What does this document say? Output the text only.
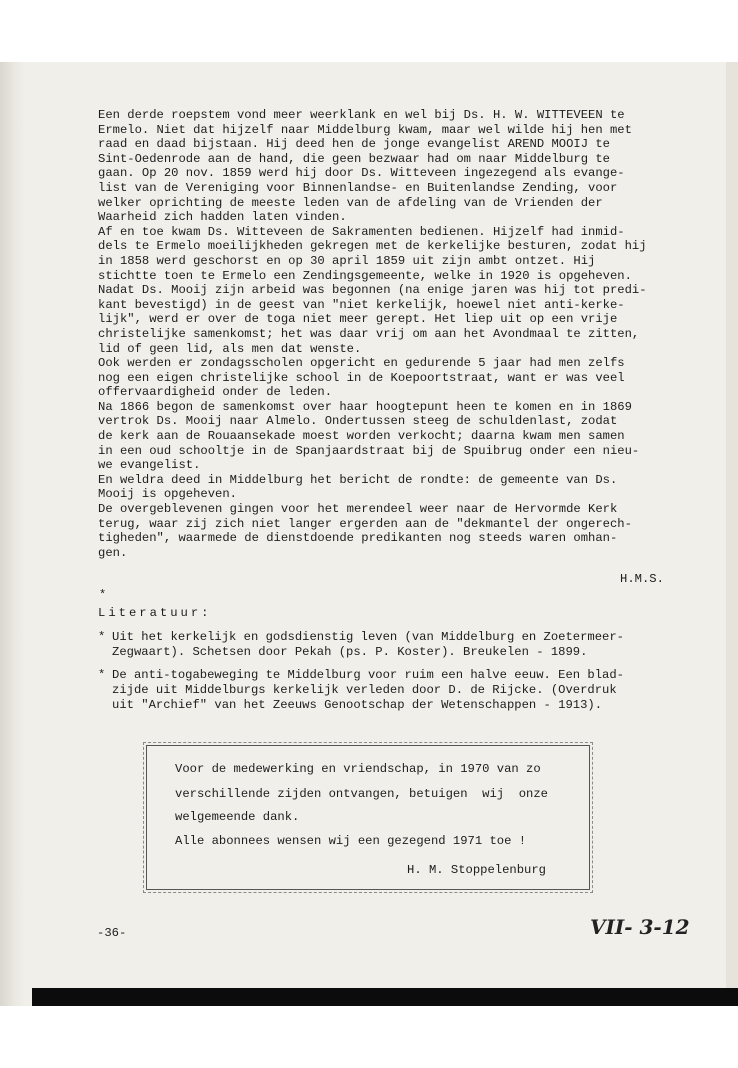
Een derde roepstem vond meer weerklank en wel bij Ds. H. W. WITTEVEEN te

Ermelo. Niet dat hijzelf naar Middelburg kwam, maar wel wilde hij hen met

raad en daad bijstaan. Hij deed hen de jonge evangelist AREND MOOIJ te

Sint-Oedenrode aan de hand, die geen bezwaar had om naar Middelburg te

gaan. Op 20 nov. 1859 werd hij door Ds. Witteveen ingezegend als evange-

list van de Vereniging voor Binnenlandse- en Buitenlandse Zending, voor

welker oprichting de meeste leden van de afdeling van de Vrienden der

Waarheid zich hadden laten vinden.

Af en toe kwam Ds. Witteveen de Sakramenten bedienen. Hijzelf had inmid-

dels te Ermelo moeilijkheden gekregen met de kerkelijke besturen, zodat hij

in 1858 werd geschorst en op 30 april 1859 uit zijn ambt ontzet. Hij

stichtte toen te Ermelo een Zendingsgemeente, welke in 1920 is opgeheven.

Nadat Ds. Mooij zijn arbeid was begonnen (na enige jaren was hij tot predi-

kant bevestigd) in de geest van "niet kerkelijk, hoewel niet anti-kerke-

lijk", werd er over de toga niet meer gerept. Het liep uit op een vrije

christelijke samenkomst; het was daar vrij om aan het Avondmaal te zitten,

lid of geen lid, als men dat wenste.

Ook werden er zondagsscholen opgericht en gedurende 5 jaar had men zelfs

nog een eigen christelijke school in de Koepoortstraat, want er was veel

offervaardigheid onder de leden.

Na 1866 begon de samenkomst over haar hoogtepunt heen te komen en in 1869

vertrok Ds. Mooij naar Almelo. Ondertussen steeg de schuldenlast, zodat

de kerk aan de Rouaansekade moest worden verkocht; daarna kwam men samen

in een oud schooltje in de Spanjaardstraat bij de Spuibrug onder een nieu-

we evangelist.

En weldra deed in Middelburg het bericht de rondte: de gemeente van Ds.

Mooij is opgeheven.

De overgeblevenen gingen voor het merendeel weer naar de Hervormde Kerk

terug, waar zij zich niet langer ergerden aan de "dekmantel der ongerech-

tigheden", waarmede de dienstdoende predikanten nog steeds waren omhan-

gen.

H.M.S.
*
Literatuur:
* Uit het kerkelijk en godsdienstig leven (van Middelburg en Zoetermeer-
Zegwaart). Schetsen door Pekah (ps. P. Koster). Breukelen - 1899.
* De anti-togabeweging te Middelburg voor ruim een halve eeuw. Een blad-
zijde uit Middelburgs kerkelijk verleden door D. de Rijcke. (Overdruk
uit "Archief" van het Zeeuws Genootschap der Wetenschappen - 1913).
Voor de medewerking en vriendschap, in 1970 van zo
verschillende zijden ontvangen, betuigen  wij  onze
welgemeende dank.
Alle abonnees wensen wij een gezegend 1971 toe !
H. M. Stoppelenburg
-36-	VII- 3-12
